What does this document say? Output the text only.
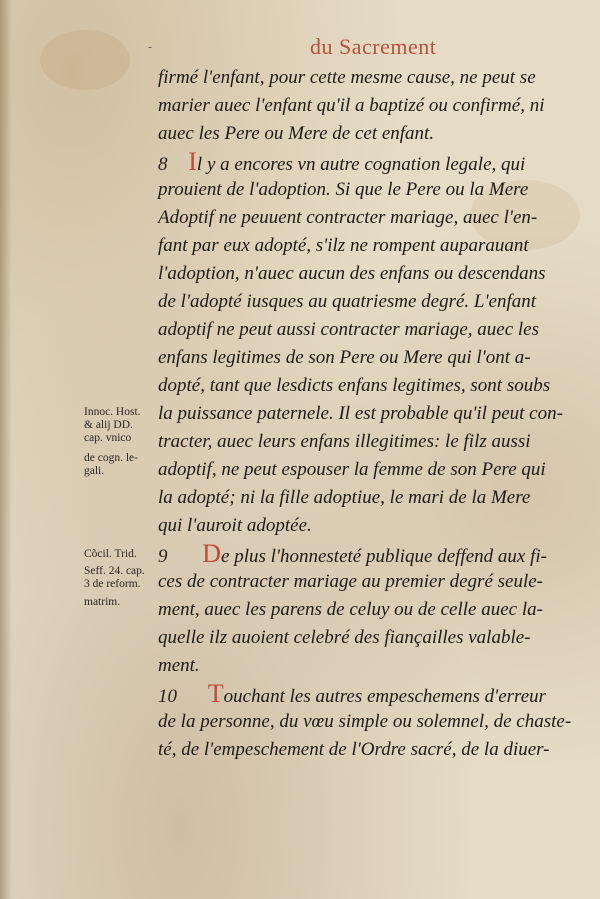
-	du Sacrement
firmé l'enfant, pour cette mesme cause, ne peut se
marier auec l'enfant qu'il a baptizé ou confirmé, ni
auec les Pere ou Mere de cet enfant.
8 Il y a encores vn autre cognation legale, qui
prouient de l'adoption. Si que le Pere ou la Mere
Adoptif ne peuuent contracter mariage, auec l'en-
fant par eux adopté, s'ilz ne rompent auparauant
l'adoption, n'auec aucun des enfans ou descendans
de l'adopté iusques au quatriesme degré. L'enfant
adoptif ne peut aussi contracter mariage, auec les
enfans legitimes de son Pere ou Mere qui l'ont a-
dopté, tant que lesdicts enfans legitimes, sont soubs
la puissance paternele. Il est probable qu'il peut con-
tracter, auec leurs enfans illegitimes: le filz aussi
adoptif, ne peut espouser la femme de son Pere qui
la adopté; ni la fille adoptiue, le mari de la Mere
qui l'auroit adoptée.
9 De plus l'honnesteté publique deffend aux fi-
ces de contracter mariage au premier degré seule-
ment, auec les parens de celuy ou de celle auec la-
quelle ilz auoient celebré des fiançailles valable-
ment.
10 Touchant les autres empeschemens d'erreur
de la personne, du vœu simple ou solemnel, de chaste-
té, de l'empeschement de l'Ordre sacré, de la diuer-
Innoc. Host.
& alij DD.
cap. vnico
de cogn. le-
gali.
Cõcil. Trid.
Seff. 24. cap.
3 de reform.
matrim.
